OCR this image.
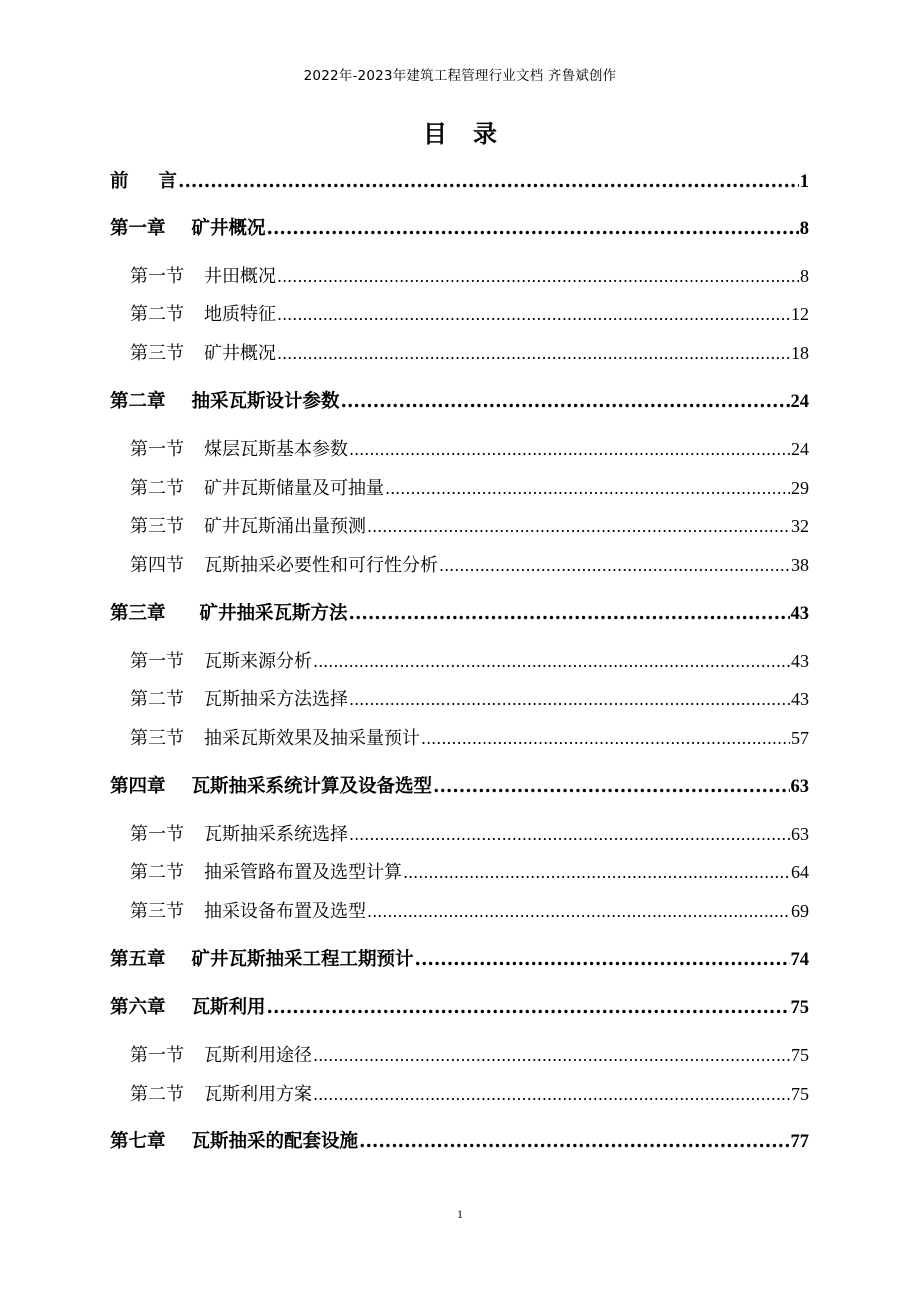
2022年-2023年建筑工程管理行业文档 齐鲁斌创作
目 录
前 言 .....	1
第一章 矿井概况 .....	8
第一节 井田概况 .....	8
第二节 地质特征 .....	12
第三节 矿井概况 .....	18
第二章 抽采瓦斯设计参数 .....	24
第一节 煤层瓦斯基本参数 .....	24
第二节 矿井瓦斯储量及可抽量 .....	29
第三节 矿井瓦斯涌出量预测 .....	32
第四节 瓦斯抽采必要性和可行性分析 .....	38
第三章 矿井抽采瓦斯方法 .....	43
第一节 瓦斯来源分析 .....	43
第二节 瓦斯抽采方法选择 .....	43
第三节 抽采瓦斯效果及抽采量预计 .....	57
第四章 瓦斯抽采系统计算及设备选型 .....	63
第一节 瓦斯抽采系统选择 .....	63
第二节 抽采管路布置及选型计算 .....	64
第三节 抽采设备布置及选型 .....	69
第五章 矿井瓦斯抽采工程工期预计 .....	74
第六章 瓦斯利用 .....	75
第一节 瓦斯利用途径 .....	75
第二节 瓦斯利用方案 .....	75
第七章 瓦斯抽采的配套设施 .....	77
1
